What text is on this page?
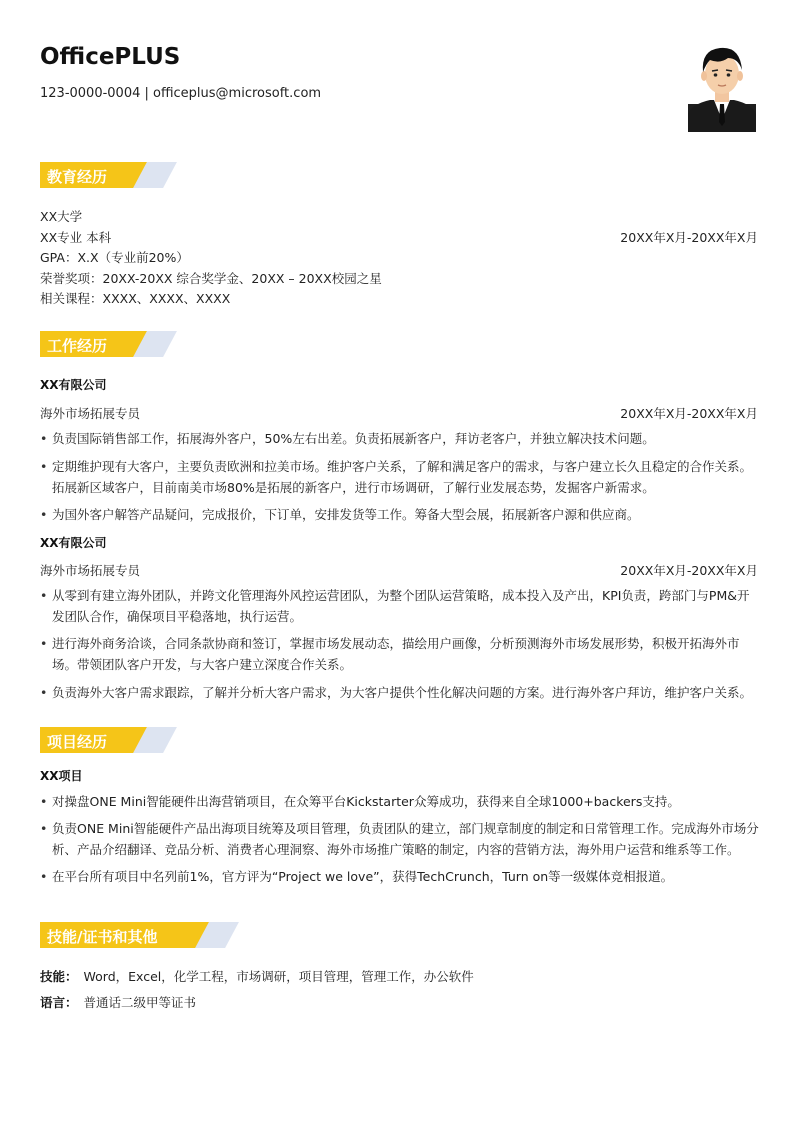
OfficePLUS
123-0000-0004 | officeplus@microsoft.com
教育经历
XX大学
XX专业 本科	20XX年X月-20XX年X月
GPA：X.X（专业前20%）
荣誉奖项：20XX-20XX 综合奖学金、20XX – 20XX校园之星
相关课程：XXXX、XXXX、XXXX
工作经历
XX有限公司
海外市场拓展专员	20XX年X月-20XX年X月
• 负责国际销售部工作，拓展海外客户，50%左右出差。负责拓展新客户，拜访老客户，并独立解决技术问题。
• 定期维护现有大客户，主要负责欧洲和拉美市场。维护客户关系，了解和满足客户的需求，与客户建立长久且稳定的合作关系。拓展新区域客户，目前南美市场80%是拓展的新客户，进行市场调研，了解行业发展态势，发掘客户新需求。
• 为国外客户解答产品疑问，完成报价，下订单，安排发货等工作。筹备大型会展，拓展新客户源和供应商。
XX有限公司
海外市场拓展专员	20XX年X月-20XX年X月
• 从零到有建立海外团队，并跨文化管理海外风控运营团队，为整个团队运营策略，成本投入及产出，KPI负责，跨部门与PM&开发团队合作，确保项目平稳落地，执行运营。
• 进行海外商务洽谈，合同条款协商和签订，掌握市场发展动态，描绘用户画像，分析预测海外市场发展形势，积极开拓海外市场。带领团队客户开发，与大客户建立深度合作关系。
• 负责海外大客户需求跟踪，了解并分析大客户需求，为大客户提供个性化解决问题的方案。进行海外客户拜访，维护客户关系。
项目经历
XX项目
• 对操盘ONE Mini智能硬件出海营销项目，在众筹平台Kickstarter众筹成功，获得来自全球1000+backers支持。
• 负责ONE Mini智能硬件产品出海项目统筹及项目管理，负责团队的建立，部门规章制度的制定和日常管理工作。完成海外市场分析、产品介绍翻译、竞品分析、消费者心理洞察、海外市场推广策略的制定，内容的营销方法，海外用户运营和维系等工作。
• 在平台所有项目中名列前1%，官方评为“Project we love”，获得TechCrunch，Turn on等一级媒体竞相报道。
技能/证书和其他
技能： Word，Excel，化学工程，市场调研，项目管理，管理工作，办公软件
语言： 普通话二级甲等证书
